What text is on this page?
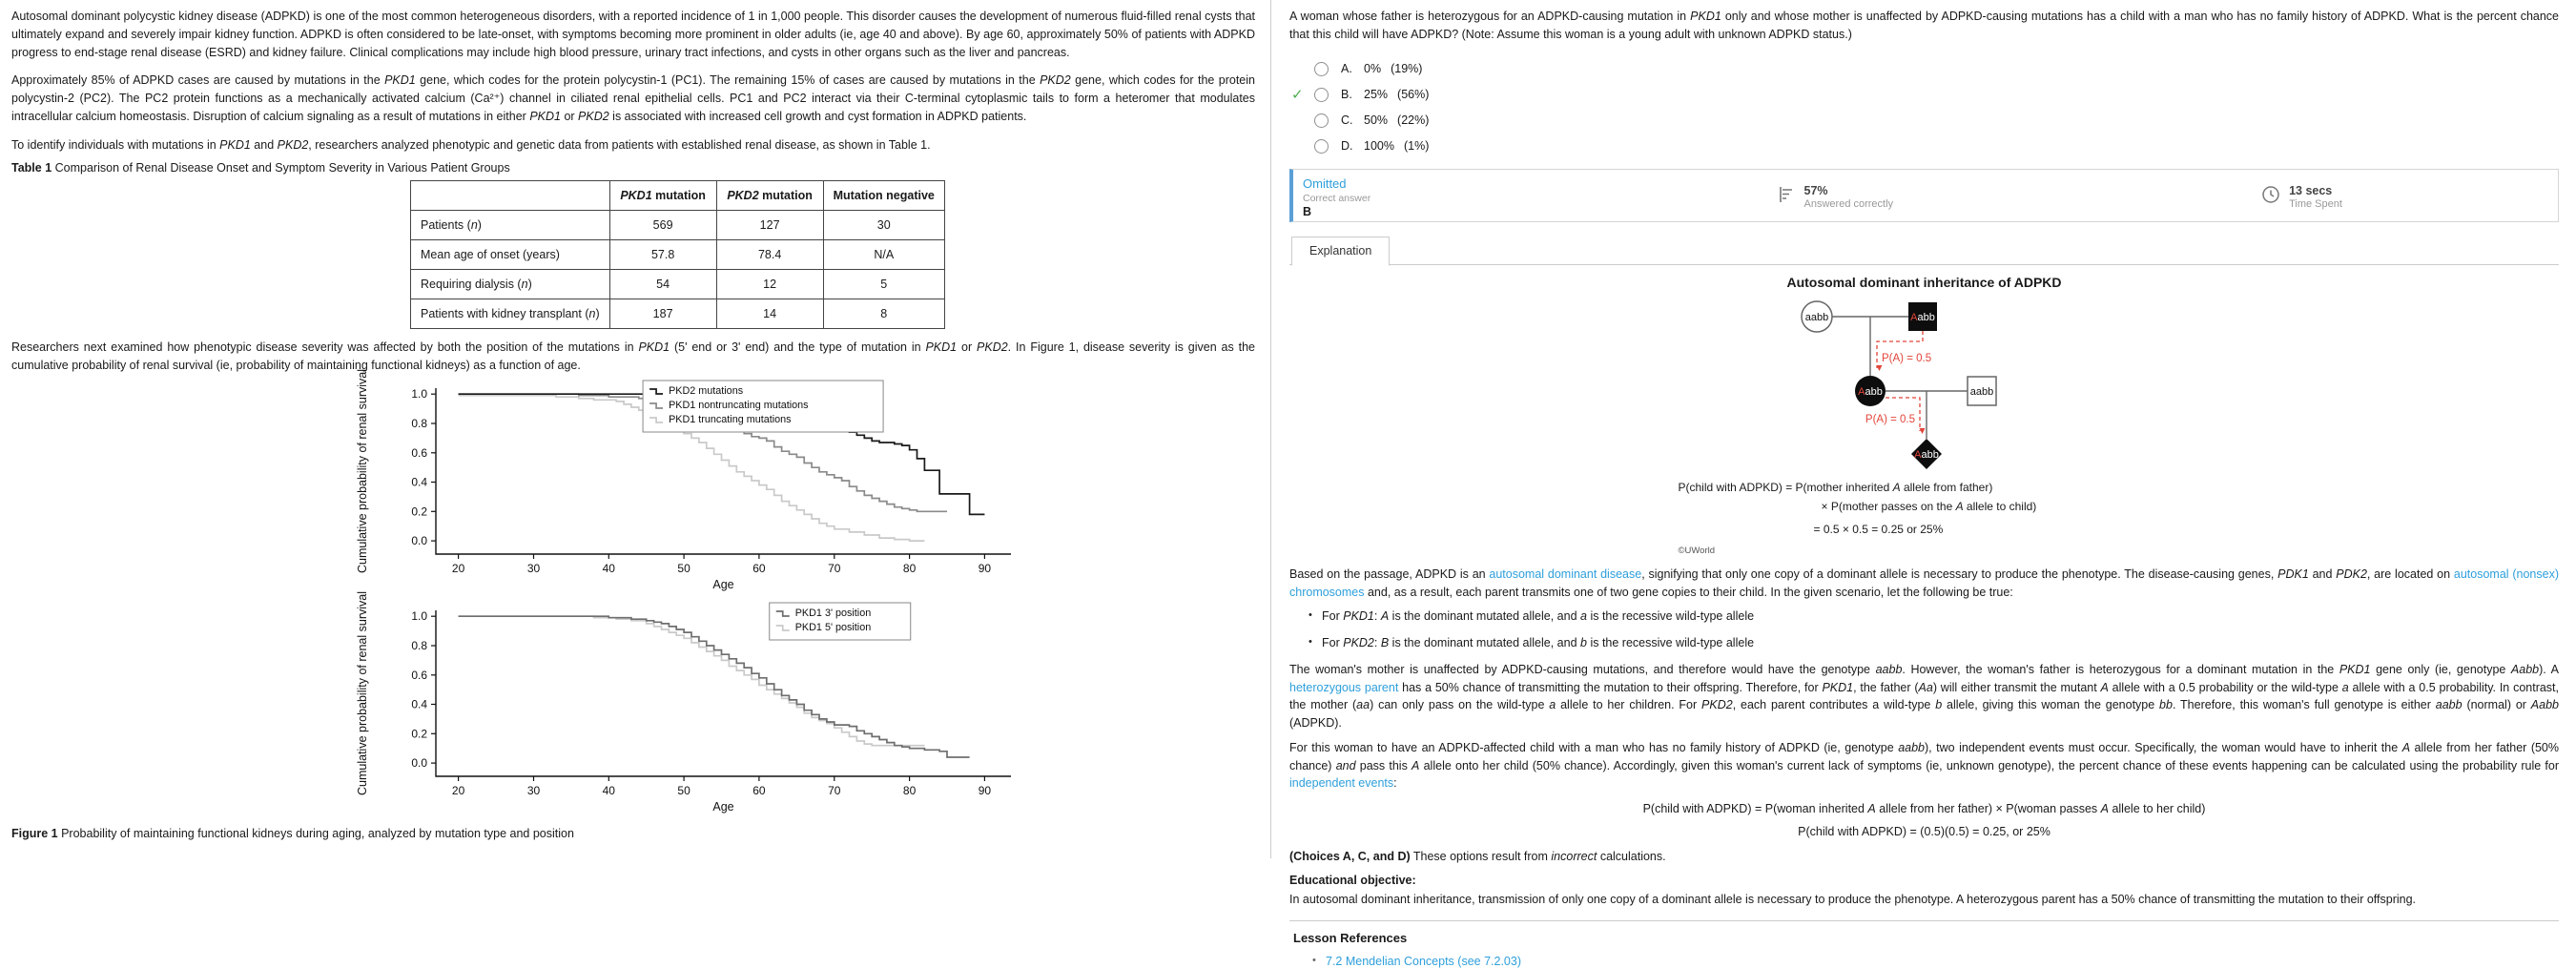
Autosomal dominant polycystic kidney disease (ADPKD) is one of the most common heterogeneous disorders, with a reported incidence of 1 in 1,000 people. This disorder causes the development of numerous fluid-filled renal cysts that ultimately expand and severely impair kidney function. ADPKD is often considered to be late-onset, with symptoms becoming more prominent in older adults (ie, age 40 and above). By age 60, approximately 50% of patients with ADPKD progress to end-stage renal disease (ESRD) and kidney failure. Clinical complications may include high blood pressure, urinary tract infections, and cysts in other organs such as the liver and pancreas.

Approximately 85% of ADPKD cases are caused by mutations in the PKD1 gene, which codes for the protein polycystin-1 (PC1). The remaining 15% of cases are caused by mutations in the PKD2 gene, which codes for the protein polycystin-2 (PC2). The PC2 protein functions as a mechanically activated calcium (Ca²⁺) channel in ciliated renal epithelial cells. PC1 and PC2 interact via their C-terminal cytoplasmic tails to form a heteromer that modulates intracellular calcium homeostasis. Disruption of calcium signaling as a result of mutations in either PKD1 or PKD2 is associated with increased cell growth and cyst formation in ADPKD patients.

To identify individuals with mutations in PKD1 and PKD2, researchers analyzed phenotypic and genetic data from patients with established renal disease, as shown in Table 1.

Table 1 Comparison of Renal Disease Onset and Symptom Severity in Various Patient Groups

	PKD1 mutation	PKD2 mutation	Mutation negative
Patients (n)	569	127	30
Mean age of onset (years)	57.8	78.4	N/A
Requiring dialysis (n)	54	12	5
Patients with kidney transplant (n)	187	14	8

Researchers next examined how phenotypic disease severity was affected by both the position of the mutations in PKD1 (5' end or 3' end) and the type of mutation in PKD1 or PKD2. In Figure 1, disease severity is given as the cumulative probability of renal survival (ie, probability of maintaining functional kidneys) as a function of age.

0.0
0.2
0.4
0.6
0.8
1.0
20	30	40	50	60	70	80	90
Age
Cumulative probability of renal survival	PKD2 mutations
PKD1 nontruncating mutations
PKD1 truncating mutations
0.0
0.2
0.4
0.6
0.8
1.0
20	30	40	50	60	70	80	90
Age
Cumulative probability of renal survival	PKD1 3' position
PKD1 5' position

Figure 1 Probability of maintaining functional kidneys during aging, analyzed by mutation type and position

A woman whose father is heterozygous for an ADPKD-causing mutation in PKD1 only and whose mother is unaffected by ADPKD-causing mutations has a child with a man who has no family history of ADPKD. What is the percent chance that this child will have ADPKD? (Note: Assume this woman is a young adult with unknown ADPKD status.)
A. 0% (19%)
✓	B. 25% (56%)
C. 50% (22%)
D. 100% (1%)
Omitted
Correct answer
B
57%
Answered correctly
13 secs
Time Spent
Explanation
Autosomal dominant inheritance of ADPKD
aabb	Aabb
P(A) = 0.5
Aabb	aabb
P(A) = 0.5
Aabb
P(child with ADPKD) = P(mother inherited A allele from father)
× P(mother passes on the A allele to child)
= 0.5 × 0.5 = 0.25 or 25%
©UWorld

Based on the passage, ADPKD is an autosomal dominant disease, signifying that only one copy of a dominant allele is necessary to produce the phenotype. The disease-causing genes, PDK1 and PDK2, are located on autosomal (nonsex) chromosomes and, as a result, each parent transmits one of two gene copies to their child. In the given scenario, let the following be true:

• For PKD1: A is the dominant mutated allele, and a is the recessive wild-type allele
• For PKD2: B is the dominant mutated allele, and b is the recessive wild-type allele

The woman's mother is unaffected by ADPKD-causing mutations, and therefore would have the genotype aabb. However, the woman's father is heterozygous for a dominant mutation in the PKD1 gene only (ie, genotype Aabb). A heterozygous parent has a 50% chance of transmitting the mutation to their offspring. Therefore, for PKD1, the father (Aa) will either transmit the mutant A allele with a 0.5 probability or the wild-type a allele with a 0.5 probability. In contrast, the mother (aa) can only pass on the wild-type a allele to her children. For PKD2, each parent contributes a wild-type b allele, giving this woman the genotype bb. Therefore, this woman's full genotype is either aabb (normal) or Aabb (ADPKD).

For this woman to have an ADPKD-affected child with a man who has no family history of ADPKD (ie, genotype aabb), two independent events must occur. Specifically, the woman would have to inherit the A allele from her father (50% chance) and pass this A allele onto her child (50% chance). Accordingly, given this woman's current lack of symptoms (ie, unknown genotype), the percent chance of these events happening can be calculated using the probability rule for independent events:

P(child with ADPKD) = P(woman inherited A allele from her father) × P(woman passes A allele to her child)
P(child with ADPKD) = (0.5)(0.5) = 0.25, or 25%

(Choices A, C, and D) These options result from incorrect calculations.

Educational objective:

In autosomal dominant inheritance, transmission of only one copy of a dominant allele is necessary to produce the phenotype. A heterozygous parent has a 50% chance of transmitting the mutation to their offspring.

Lesson References
• 7.2 Mendelian Concepts (see 7.2.03)
